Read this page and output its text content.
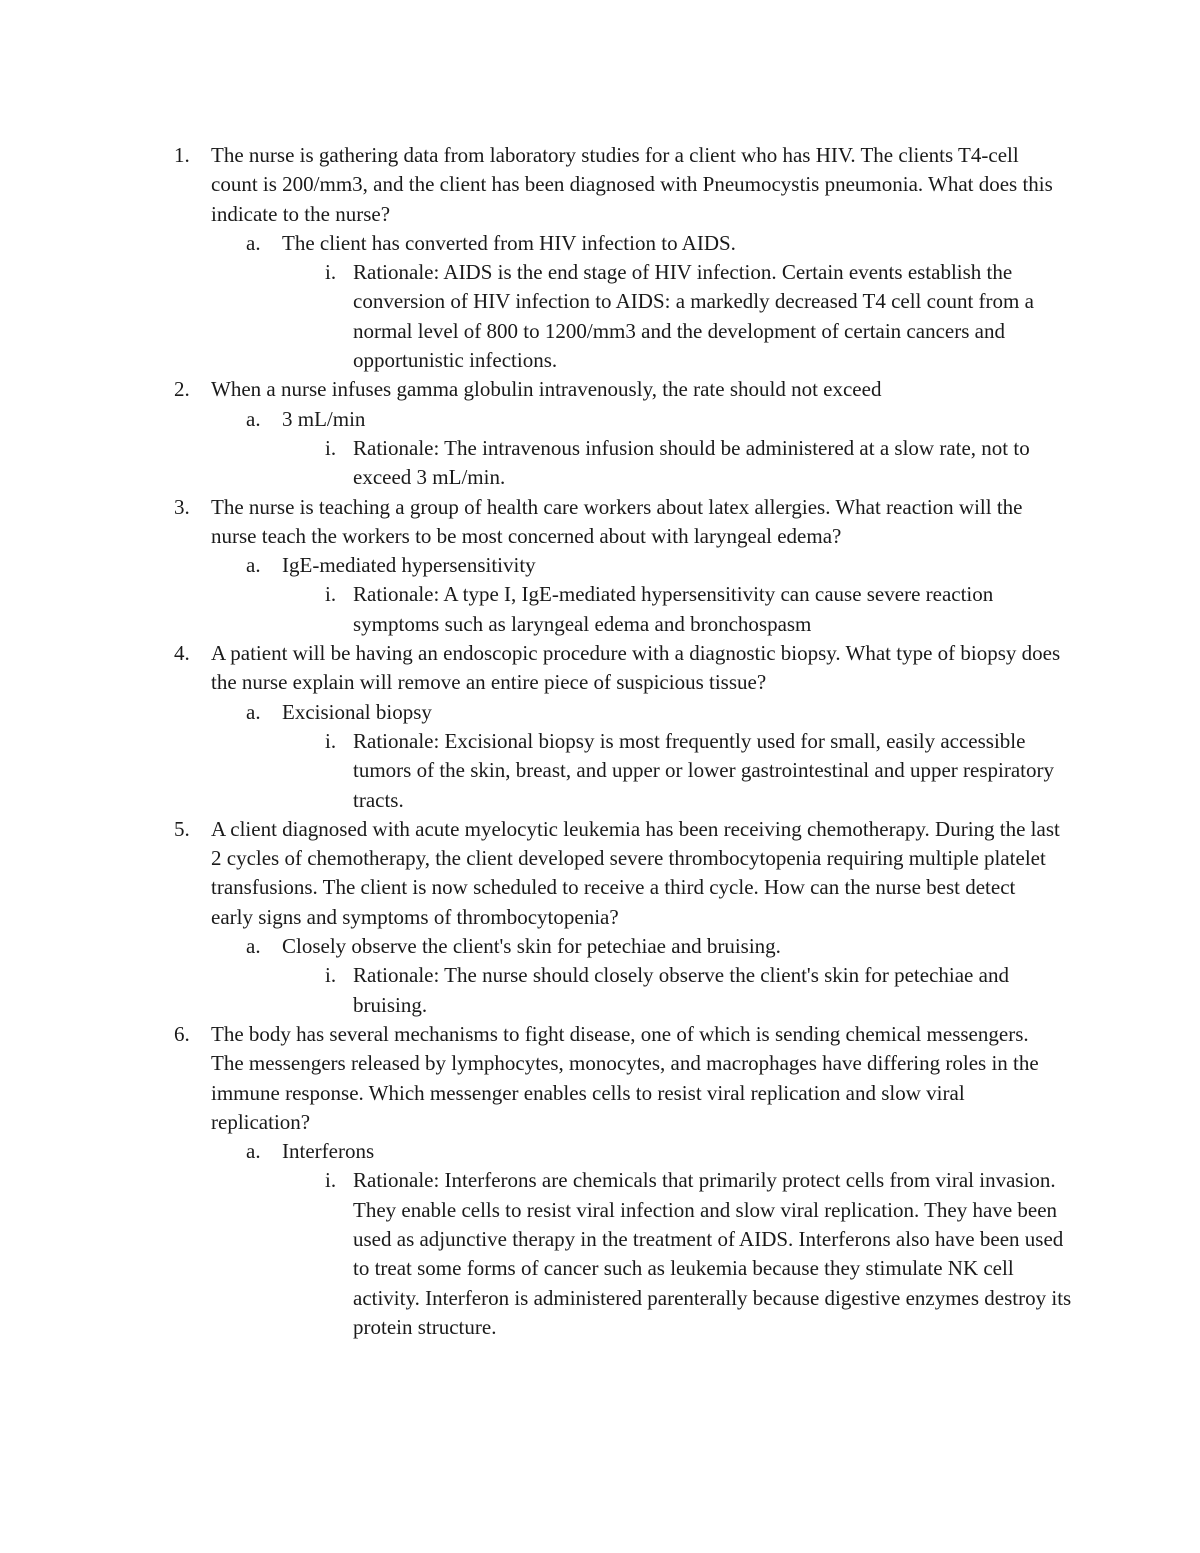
1.	The nurse is gathering data from laboratory studies for a client who has HIV. The clients T4-cell count is 200/mm3, and the client has been diagnosed with Pneumocystis pneumonia. What does this indicate to the nurse?
a. The client has converted from HIV infection to AIDS.
i. Rationale: AIDS is the end stage of HIV infection. Certain events establish the conversion of HIV infection to AIDS: a markedly decreased T4 cell count from a normal level of 800 to 1200/mm3 and the development of certain cancers and opportunistic infections.
2.	When a nurse infuses gamma globulin intravenously, the rate should not exceed
a. 3 mL/min
i. Rationale: The intravenous infusion should be administered at a slow rate, not to exceed 3 mL/min.
3.	The nurse is teaching a group of health care workers about latex allergies. What reaction will the nurse teach the workers to be most concerned about with laryngeal edema?
a. IgE-mediated hypersensitivity
i. Rationale: A type I, IgE-mediated hypersensitivity can cause severe reaction symptoms such as laryngeal edema and bronchospasm
4.	A patient will be having an endoscopic procedure with a diagnostic biopsy. What type of biopsy does the nurse explain will remove an entire piece of suspicious tissue?
a. Excisional biopsy
i. Rationale: Excisional biopsy is most frequently used for small, easily accessible tumors of the skin, breast, and upper or lower gastrointestinal and upper respiratory tracts.
5.	A client diagnosed with acute myelocytic leukemia has been receiving chemotherapy. During the last 2 cycles of chemotherapy, the client developed severe thrombocytopenia requiring multiple platelet transfusions. The client is now scheduled to receive a third cycle. How can the nurse best detect early signs and symptoms of thrombocytopenia?
a. Closely observe the client's skin for petechiae and bruising.
i. Rationale: The nurse should closely observe the client's skin for petechiae and bruising.
6.	The body has several mechanisms to fight disease, one of which is sending chemical messengers. The messengers released by lymphocytes, monocytes, and macrophages have differing roles in the immune response. Which messenger enables cells to resist viral replication and slow viral replication?
a. Interferons
i. Rationale: Interferons are chemicals that primarily protect cells from viral invasion. They enable cells to resist viral infection and slow viral replication. They have been used as adjunctive therapy in the treatment of AIDS. Interferons also have been used to treat some forms of cancer such as leukemia because they stimulate NK cell activity. Interferon is administered parenterally because digestive enzymes destroy its protein structure.
